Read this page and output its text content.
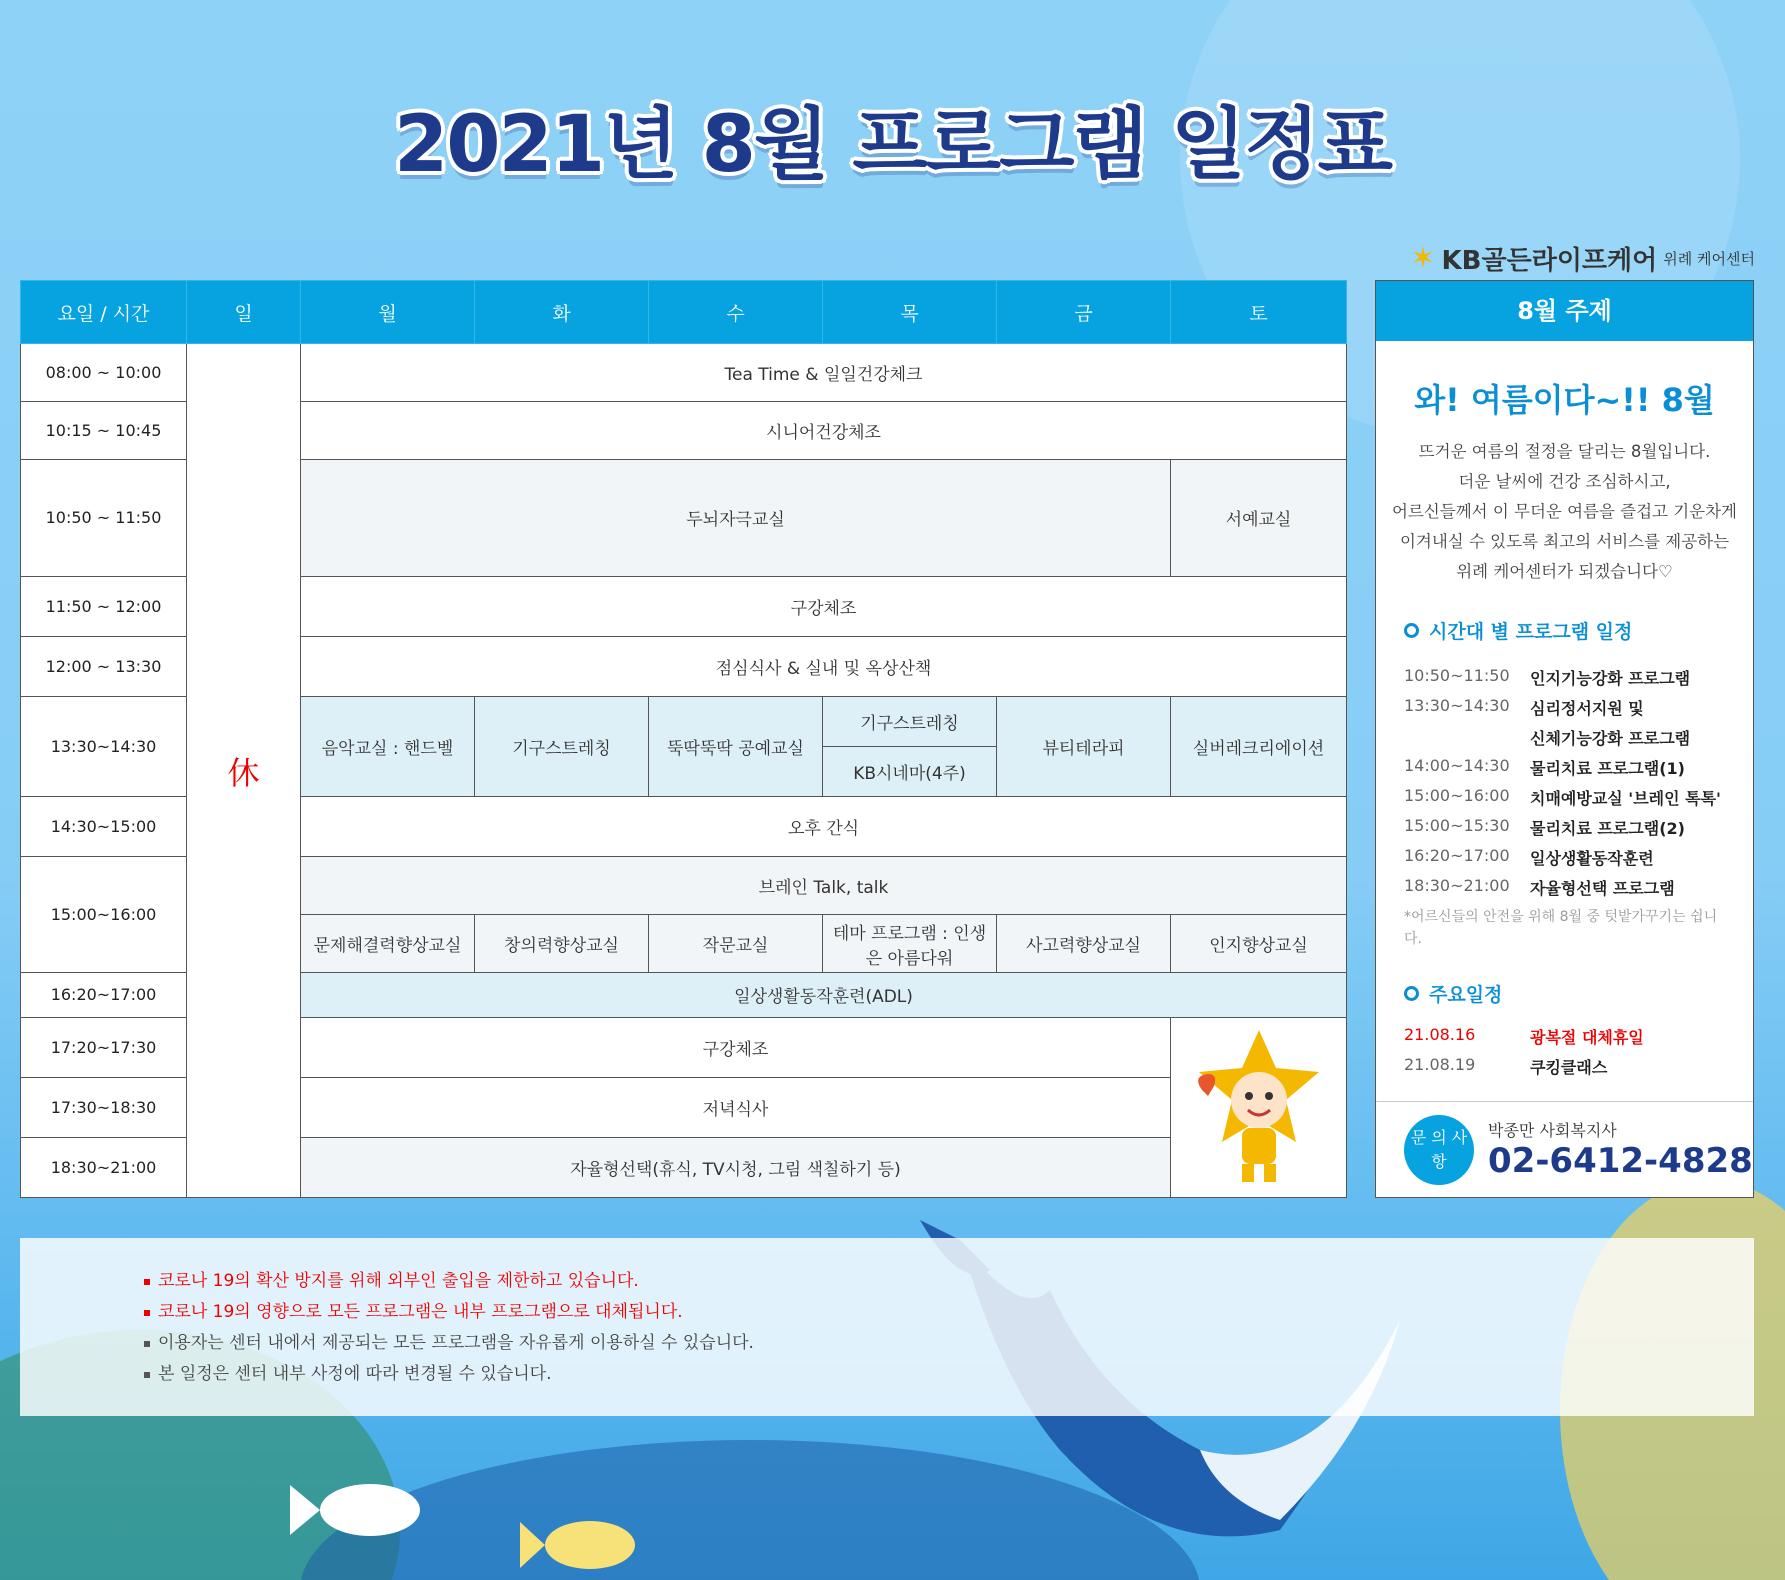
2021년 8월 프로그램 일정표
✶ KB골든라이프케어 위례 케어센터
요일 / 시간	일	월	화	수	목	금	토
08:00 ~ 10:00	休	Tea Time & 일일건강체크					
10:15 ~ 10:45		시니어건강체조					
10:50 ~ 11:50		두뇌자극교실					서예교실
11:50 ~ 12:00		구강체조					
12:00 ~ 13:30		점심식사 & 실내 및 옥상산책					
13:30~14:30		음악교실 : 핸드벨	기구스트레칭	뚝딱뚝딱 공예교실	기구스트레칭	뷰티테라피	실버레크리에이션
					KB시네마(4주)		
14:30~15:00		오후 간식					
15:00~16:00		브레인 Talk, talk					
		문제해결력향상교실	창의력향상교실	작문교실	테마 프로그램 : 인생은 아름다워	사고력향상교실	인지향상교실
16:20~17:00		일상생활동작훈련(ADL)					
17:20~17:30		구강체조	
17:30~18:30		저녁식사					
18:30~21:00		자율형선택(휴식, TV시청, 그림 색칠하기 등)					
8월 주제
와! 여름이다~!! 8월
뜨거운 여름의 절정을 달리는 8월입니다.
더운 날씨에 건강 조심하시고,
어르신들께서 이 무더운 여름을 즐겁고 기운차게
이겨내실 수 있도록 최고의 서비스를 제공하는
위례 케어센터가 되겠습니다♡
시간대 별 프로그램 일정
10:50~11:50	인지기능강화 프로그램
13:30~14:30	심리정서지원 및
신체기능강화 프로그램
14:00~14:30	물리치료 프로그램(1)
15:00~16:00	치매예방교실 '브레인 톡톡'
15:00~15:30	물리치료 프로그램(2)
16:20~17:00	일상생활동작훈련
18:30~21:00	자율형선택 프로그램
*어르신들의 안전을 위해 8월 중 텃밭가꾸기는 쉽니다.
주요일정
21.08.16	광복절 대체휴일
21.08.19	쿠킹클래스
문 의 사 항
박종만 사회복지사
02-6412-4828
코로나 19의 확산 방지를 위해 외부인 출입을 제한하고 있습니다.
코로나 19의 영향으로 모든 프로그램은 내부 프로그램으로 대체됩니다.
이용자는 센터 내에서 제공되는 모든 프로그램을 자유롭게 이용하실 수 있습니다.
본 일정은 센터 내부 사정에 따라 변경될 수 있습니다.
